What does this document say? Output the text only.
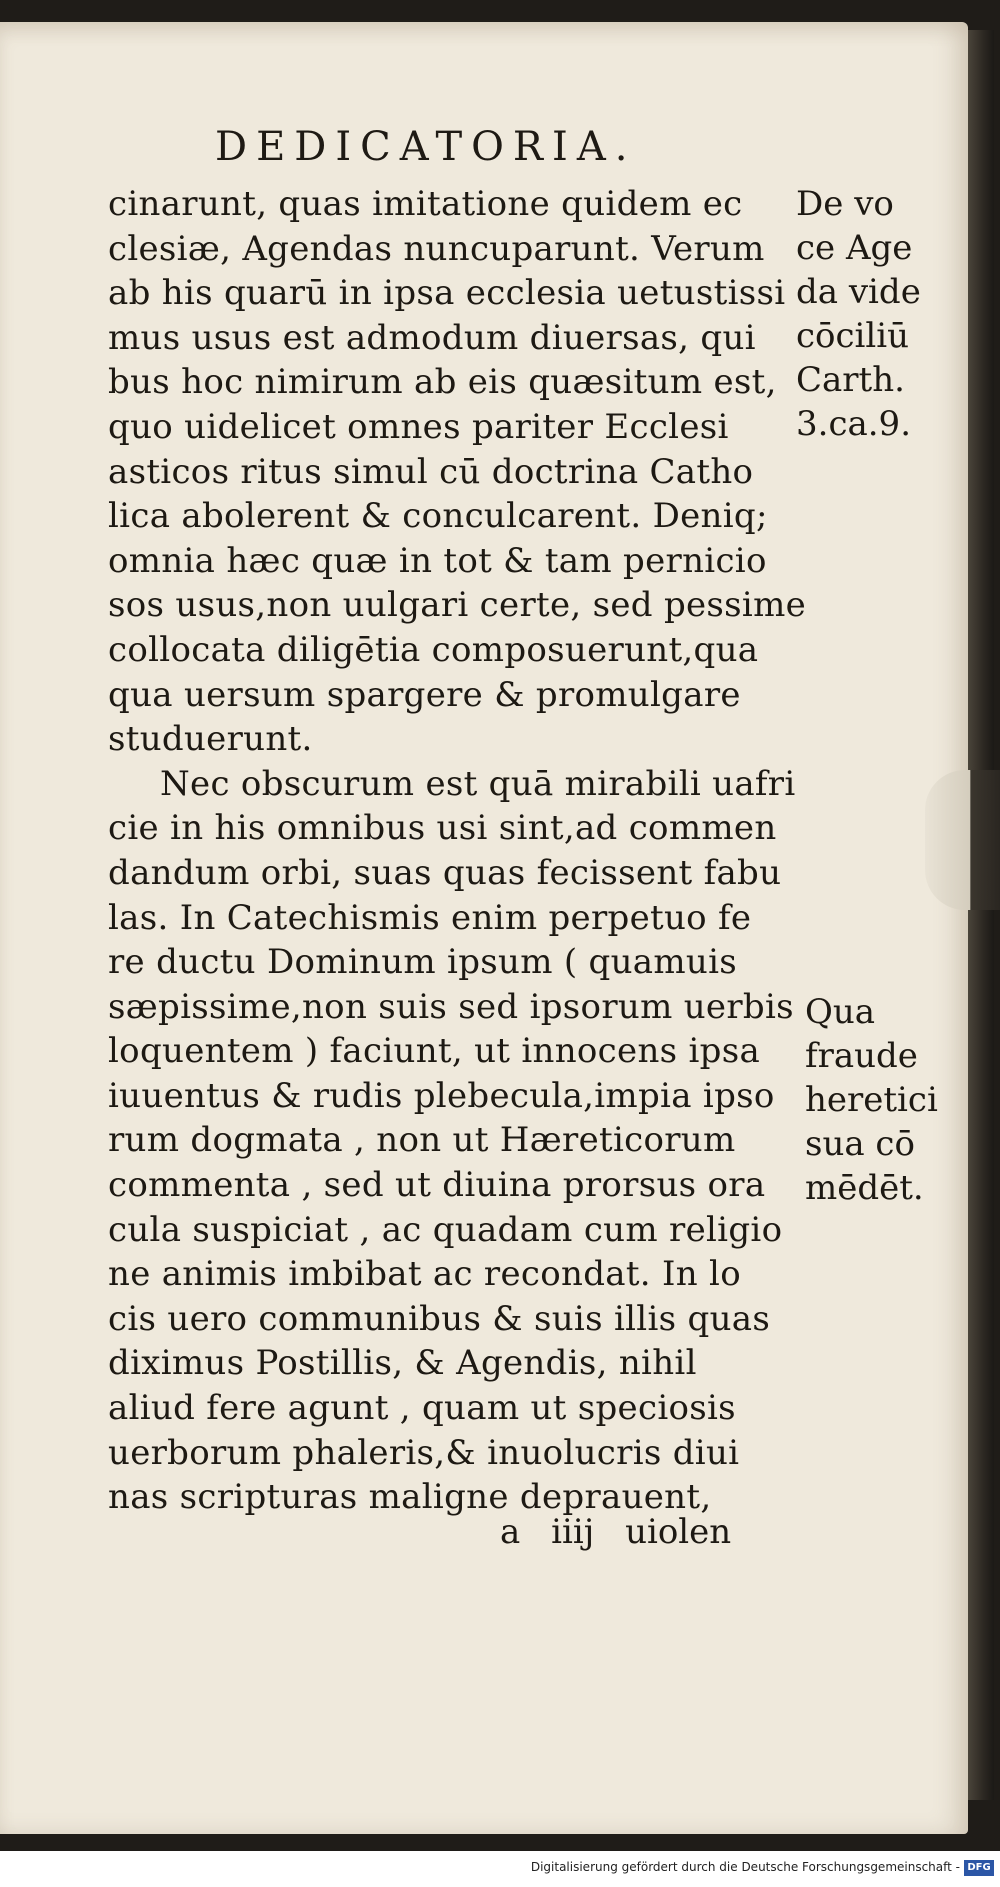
DEDICATORIA.
cinarunt, quas imitatione quidem ec
clesiæ, Agendas nuncuparunt. Verum
ab his quarū in ipsa ecclesia uetustissi
mus usus est admodum diuersas, qui
bus hoc nimirum ab eis quæsitum est,
quo uidelicet omnes pariter Ecclesi
asticos ritus simul cū doctrina Catho
lica abolerent & conculcarent. Deniq;
omnia hæc quæ in tot & tam pernicio
sos usus,non uulgari certe, sed pessime
collocata diligētia composuerunt,qua
qua uersum spargere & promulgare
studuerunt.
Nec obscurum est quā mirabili uafri
cie in his omnibus usi sint,ad commen
dandum orbi, suas quas fecissent fabu
las. In Catechismis enim perpetuo fe
re ductu Dominum ipsum ( quamuis
sæpissime,non suis sed ipsorum uerbis
loquentem ) faciunt, ut innocens ipsa
iuuentus & rudis plebecula,impia ipso
rum dogmata , non ut Hæreticorum
commenta , sed ut diuina prorsus ora
cula suspiciat , ac quadam cum religio
ne animis imbibat ac recondat. In lo
cis uero communibus & suis illis quas
diximus Postillis, & Agendis, nihil
aliud fere agunt , quam ut speciosis
uerborum phaleris,& inuolucris diui
nas scripturas maligne deprauent,
De vo
ce Age
da vide
cōciliū
Carth.
3.ca.9.
Qua
fraude
heretici
sua cō
mēdēt.
a iiij uiolen
Digitalisierung gefördert durch die Deutsche Forschungsgemeinschaft - DFG
